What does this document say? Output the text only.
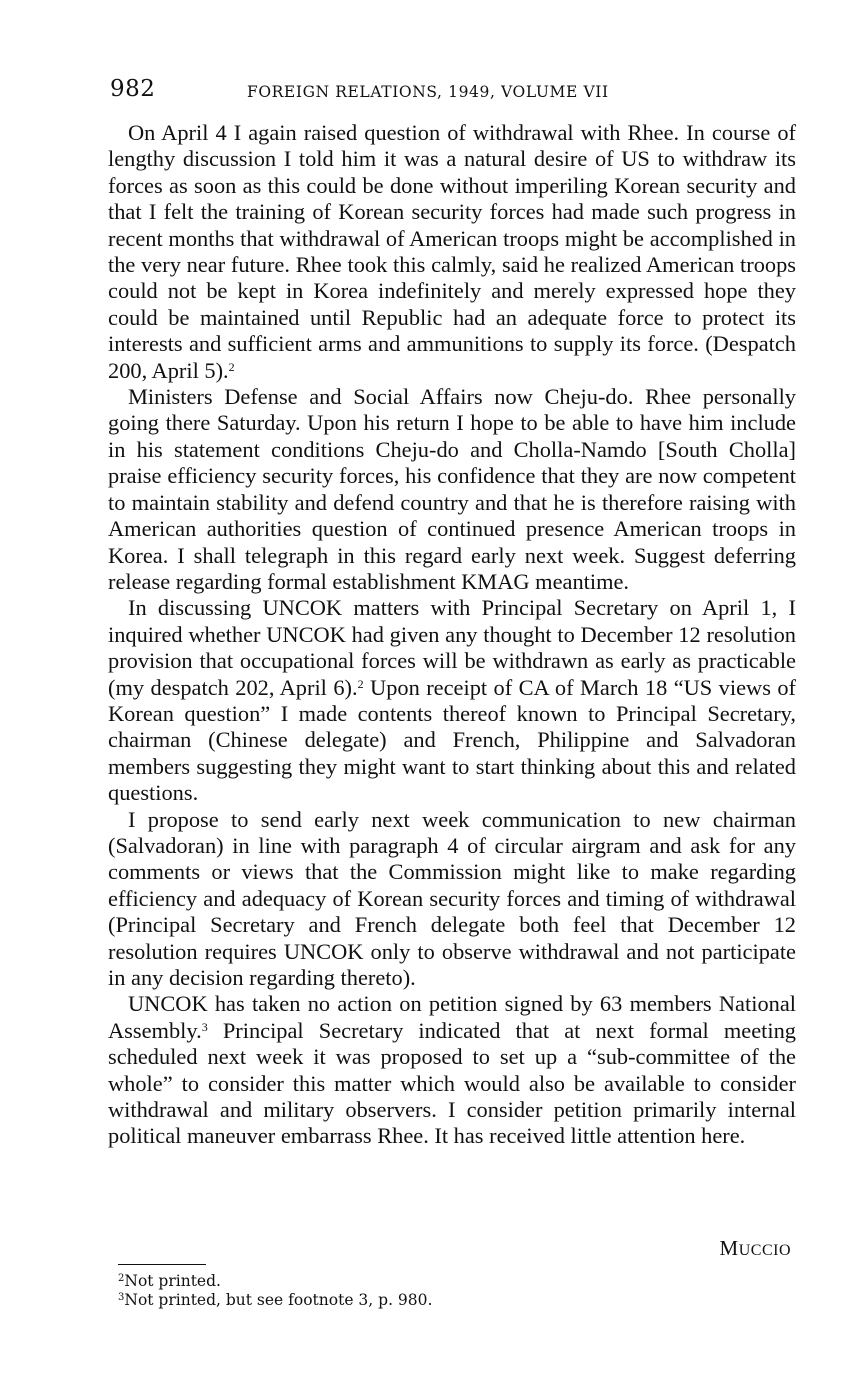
982	FOREIGN RELATIONS, 1949, VOLUME VII

On April 4 I again raised question of withdrawal with Rhee. In course of lengthy discussion I told him it was a natural desire of US to withdraw its forces as soon as this could be done without imperiling Korean security and that I felt the training of Korean security forces had made such progress in recent months that withdrawal of American troops might be accomplished in the very near future. Rhee took this calmly, said he realized American troops could not be kept in Korea indefinitely and merely expressed hope they could be maintained until Republic had an adequate force to protect its interests and sufficient arms and ammunitions to supply its force. (Despatch 200, April 5).$^2$

Ministers Defense and Social Affairs now Cheju-do. Rhee personally going there Saturday. Upon his return I hope to be able to have him include in his statement conditions Cheju-do and Cholla-Namdo [South Cholla] praise efficiency security forces, his confidence that they are now competent to maintain stability and defend country and that he is therefore raising with American authorities question of continued presence American troops in Korea. I shall telegraph in this regard early next week. Suggest deferring release regarding formal establishment KMAG meantime.

In discussing UNCOK matters with Principal Secretary on April 1, I inquired whether UNCOK had given any thought to December 12 resolution provision that occupational forces will be withdrawn as early as practicable (my despatch 202, April 6).$^2$ Upon receipt of CA of March 18 “US views of Korean question” I made contents thereof known to Principal Secretary, chairman (Chinese delegate) and French, Philippine and Salvadoran members suggesting they might want to start thinking about this and related questions.

I propose to send early next week communication to new chairman (Salvadoran) in line with paragraph 4 of circular airgram and ask for any comments or views that the Commission might like to make regarding efficiency and adequacy of Korean security forces and timing of withdrawal (Principal Secretary and French delegate both feel that December 12 resolution requires UNCOK only to observe withdrawal and not participate in any decision regarding thereto).

UNCOK has taken no action on petition signed by 63 members National Assembly.$^3$ Principal Secretary indicated that at next formal meeting scheduled next week it was proposed to set up a “sub-committee of the whole” to consider this matter which would also be available to consider withdrawal and military observers. I consider petition primarily internal political maneuver embarrass Rhee. It has received little attention here.

MUCCIO
$^2$Not printed.
$^3$Not printed, but see footnote 3, p. 980.
